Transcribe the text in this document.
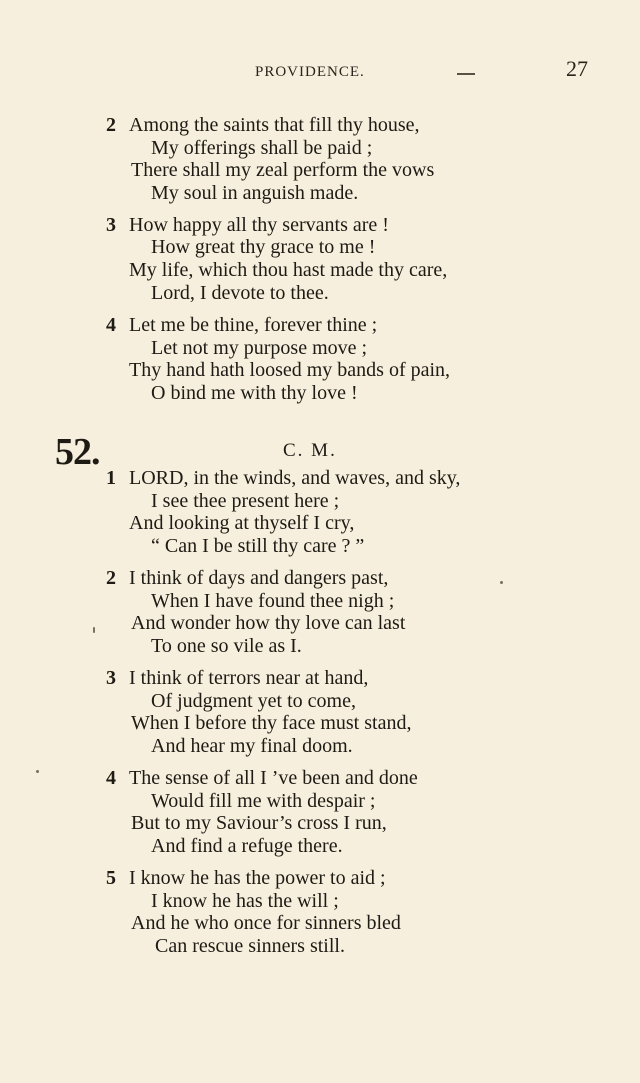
PROVIDENCE.	27
2 Among the saints that fill thy house,
My offerings shall be paid ;
There shall my zeal perform the vows
My soul in anguish made.
3 How happy all thy servants are !
How great thy grace to me !
My life, which thou hast made thy care,
Lord, I devote to thee.
4 Let me be thine, forever thine ;
Let not my purpose move ;
Thy hand hath loosed my bands of pain,
O bind me with thy love !
52.	C. M.
1 LORD, in the winds, and waves, and sky,
I see thee present here ;
And looking at thyself I cry,
“ Can I be still thy care ? ”
2 I think of days and dangers past,
When I have found thee nigh ;
And wonder how thy love can last
To one so vile as I.
3 I think of terrors near at hand,
Of judgment yet to come,
When I before thy face must stand,
And hear my final doom.
4 The sense of all I ’ve been and done
Would fill me with despair ;
But to my Saviour’s cross I run,
And find a refuge there.
5 I know he has the power to aid ;
I know he has the will ;
And he who once for sinners bled
Can rescue sinners still.
